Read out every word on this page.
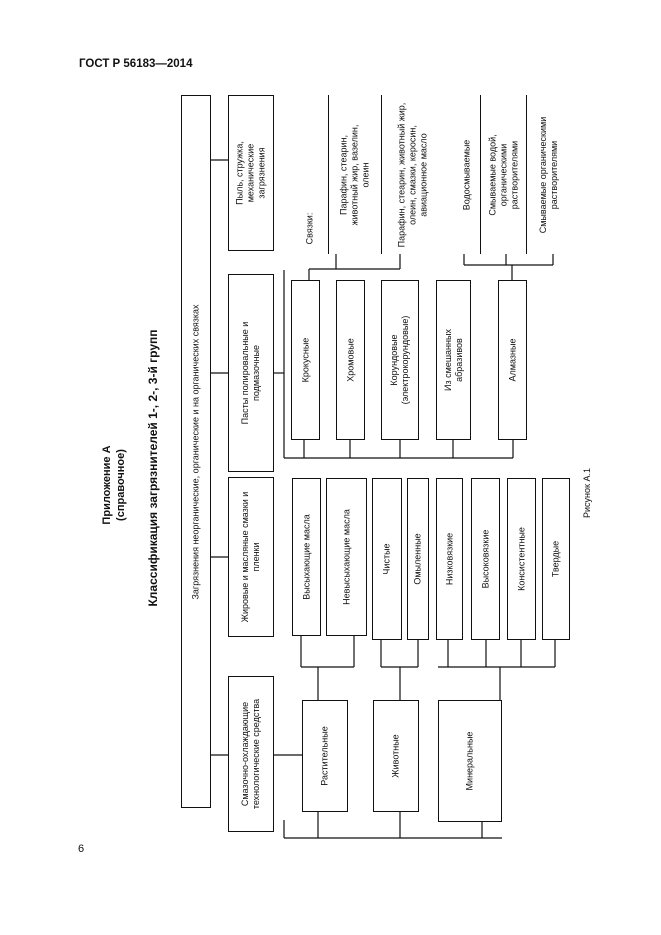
ГОСТ Р 56183—2014
Приложение А (справочное) Классификация загрязнителей 1-, 2-, 3-й групп	Рисунок А.1
Загрязнения неорганические, органические и на органических связках
Смазочно-охлаждающие технологические средства
Жировые и масляные смазки и пленки
Пасты полировальные и подмазочные
Пыль, стружка, механические загрязнения
Растительные	Животные	Минеральные
Высыхающие масла	Невысыхающие масла	Чистые Омыленные Низковязкие	Высоковязкие	Консистентные	Твердые
Крокусные	Хромовые	Корундовые (электрокорундовые)	Из смешанных абразивов	Алмазные
Связки:
Парафин, стеарин, животный жир, вазелин, олеин	Парафин, стеарин, животный жир, олеин, смазки, керосин, авиационное масло	Водосмываемые Смываемые водой, органическими растворителями Смываемые органическими растворителями
6
